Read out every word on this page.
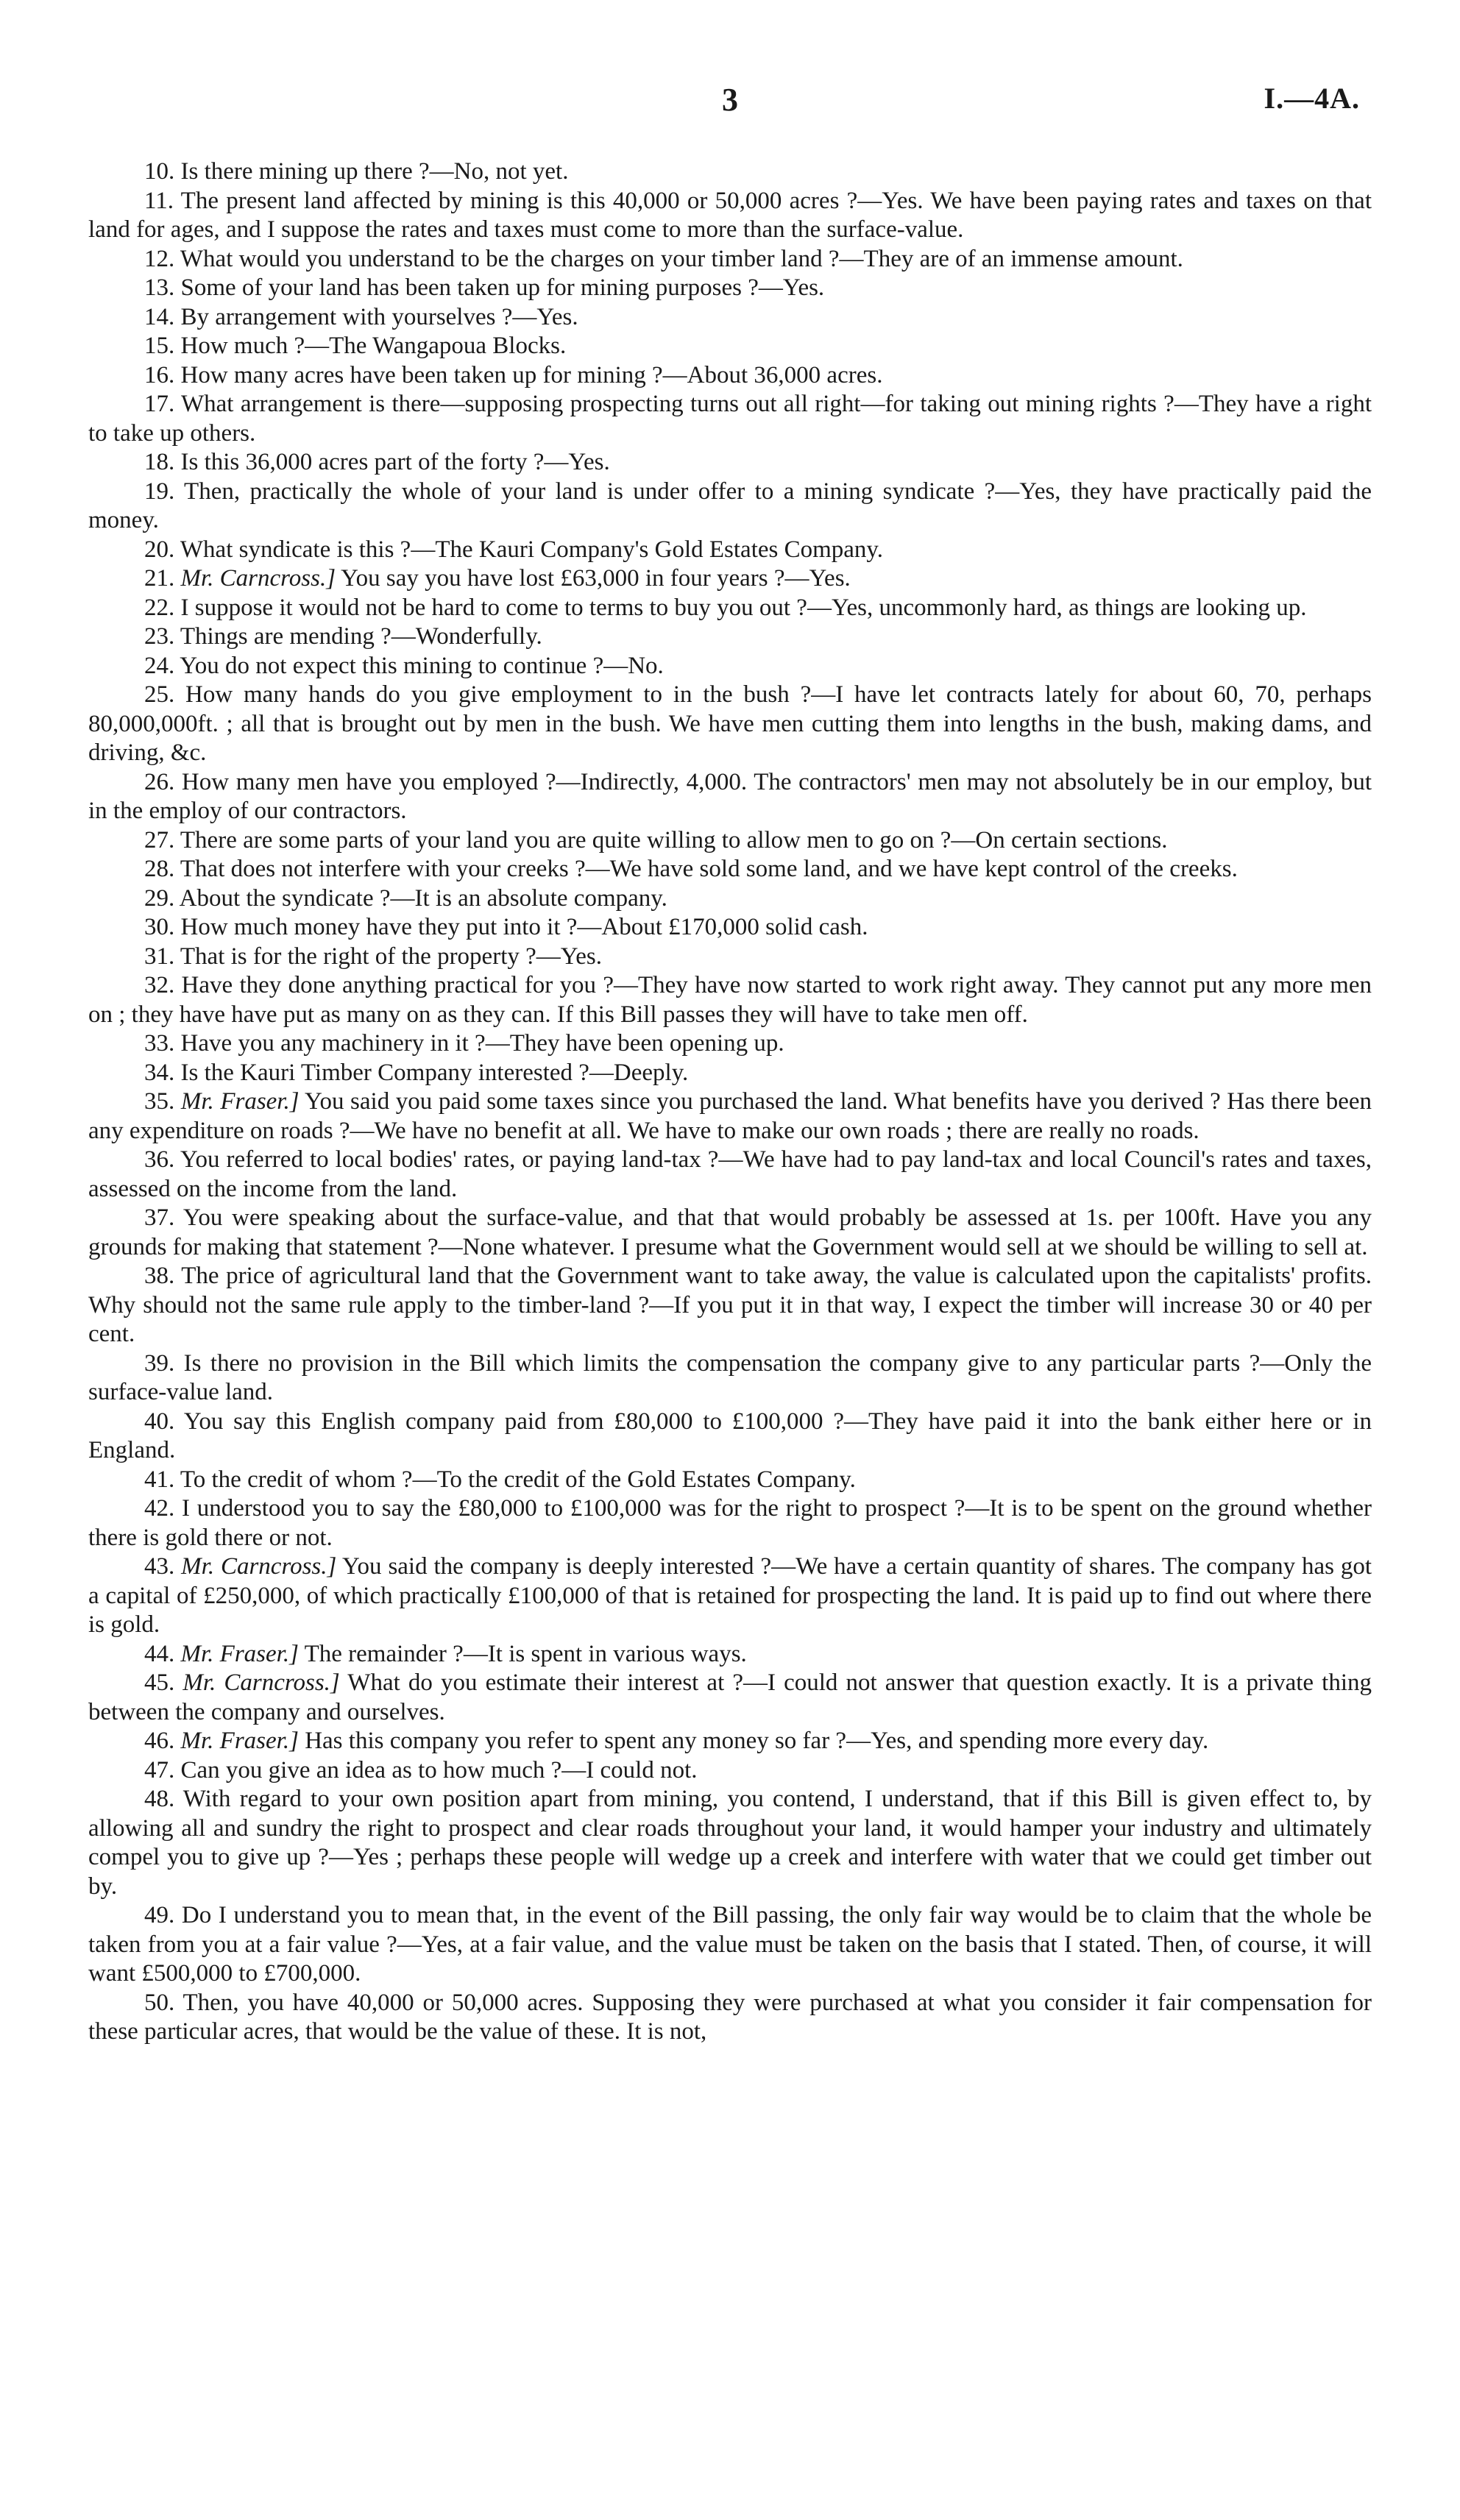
3	I.—4A.

10. Is there mining up there ?—No, not yet.

11. The present land affected by mining is this 40,000 or 50,000 acres ?—Yes. We have been paying rates and taxes on that land for ages, and I suppose the rates and taxes must come to more than the surface-value.

12. What would you understand to be the charges on your timber land ?—They are of an immense amount.

13. Some of your land has been taken up for mining purposes ?—Yes.

14. By arrangement with yourselves ?—Yes.

15. How much ?—The Wangapoua Blocks.

16. How many acres have been taken up for mining ?—About 36,000 acres.

17. What arrangement is there—supposing prospecting turns out all right—for taking out mining rights ?—They have a right to take up others.

18. Is this 36,000 acres part of the forty ?—Yes.

19. Then, practically the whole of your land is under offer to a mining syndicate ?—Yes, they have practically paid the money.

20. What syndicate is this ?—The Kauri Company's Gold Estates Company.

21. Mr. Carncross.] You say you have lost £63,000 in four years ?—Yes.

22. I suppose it would not be hard to come to terms to buy you out ?—Yes, uncommonly hard, as things are looking up.

23. Things are mending ?—Wonderfully.

24. You do not expect this mining to continue ?—No.

25. How many hands do you give employment to in the bush ?—I have let contracts lately for about 60, 70, perhaps 80,000,000ft. ; all that is brought out by men in the bush. We have men cutting them into lengths in the bush, making dams, and driving, &c.

26. How many men have you employed ?—Indirectly, 4,000. The contractors' men may not absolutely be in our employ, but in the employ of our contractors.

27. There are some parts of your land you are quite willing to allow men to go on ?—On certain sections.

28. That does not interfere with your creeks ?—We have sold some land, and we have kept control of the creeks.

29. About the syndicate ?—It is an absolute company.

30. How much money have they put into it ?—About £170,000 solid cash.

31. That is for the right of the property ?—Yes.

32. Have they done anything practical for you ?—They have now started to work right away. They cannot put any more men on ; they have have put as many on as they can. If this Bill passes they will have to take men off.

33. Have you any machinery in it ?—They have been opening up.

34. Is the Kauri Timber Company interested ?—Deeply.

35. Mr. Fraser.] You said you paid some taxes since you purchased the land. What benefits have you derived ? Has there been any expenditure on roads ?—We have no benefit at all. We have to make our own roads ; there are really no roads.

36. You referred to local bodies' rates, or paying land-tax ?—We have had to pay land-tax and local Council's rates and taxes, assessed on the income from the land.

37. You were speaking about the surface-value, and that that would probably be assessed at 1s. per 100ft. Have you any grounds for making that statement ?—None whatever. I presume what the Government would sell at we should be willing to sell at.

38. The price of agricultural land that the Government want to take away, the value is calculated upon the capitalists' profits. Why should not the same rule apply to the timber-land ?—If you put it in that way, I expect the timber will increase 30 or 40 per cent.

39. Is there no provision in the Bill which limits the compensation the company give to any particular parts ?—Only the surface-value land.

40. You say this English company paid from £80,000 to £100,000 ?—They have paid it into the bank either here or in England.

41. To the credit of whom ?—To the credit of the Gold Estates Company.

42. I understood you to say the £80,000 to £100,000 was for the right to prospect ?—It is to be spent on the ground whether there is gold there or not.

43. Mr. Carncross.] You said the company is deeply interested ?—We have a certain quantity of shares. The company has got a capital of £250,000, of which practically £100,000 of that is retained for prospecting the land. It is paid up to find out where there is gold.

44. Mr. Fraser.] The remainder ?—It is spent in various ways.

45. Mr. Carncross.] What do you estimate their interest at ?—I could not answer that question exactly. It is a private thing between the company and ourselves.

46. Mr. Fraser.] Has this company you refer to spent any money so far ?—Yes, and spending more every day.

47. Can you give an idea as to how much ?—I could not.

48. With regard to your own position apart from mining, you contend, I understand, that if this Bill is given effect to, by allowing all and sundry the right to prospect and clear roads throughout your land, it would hamper your industry and ultimately compel you to give up ?—Yes ; perhaps these people will wedge up a creek and interfere with water that we could get timber out by.

49. Do I understand you to mean that, in the event of the Bill passing, the only fair way would be to claim that the whole be taken from you at a fair value ?—Yes, at a fair value, and the value must be taken on the basis that I stated. Then, of course, it will want £500,000 to £700,000.

50. Then, you have 40,000 or 50,000 acres. Supposing they were purchased at what you consider it fair compensation for these particular acres, that would be the value of these. It is not,
